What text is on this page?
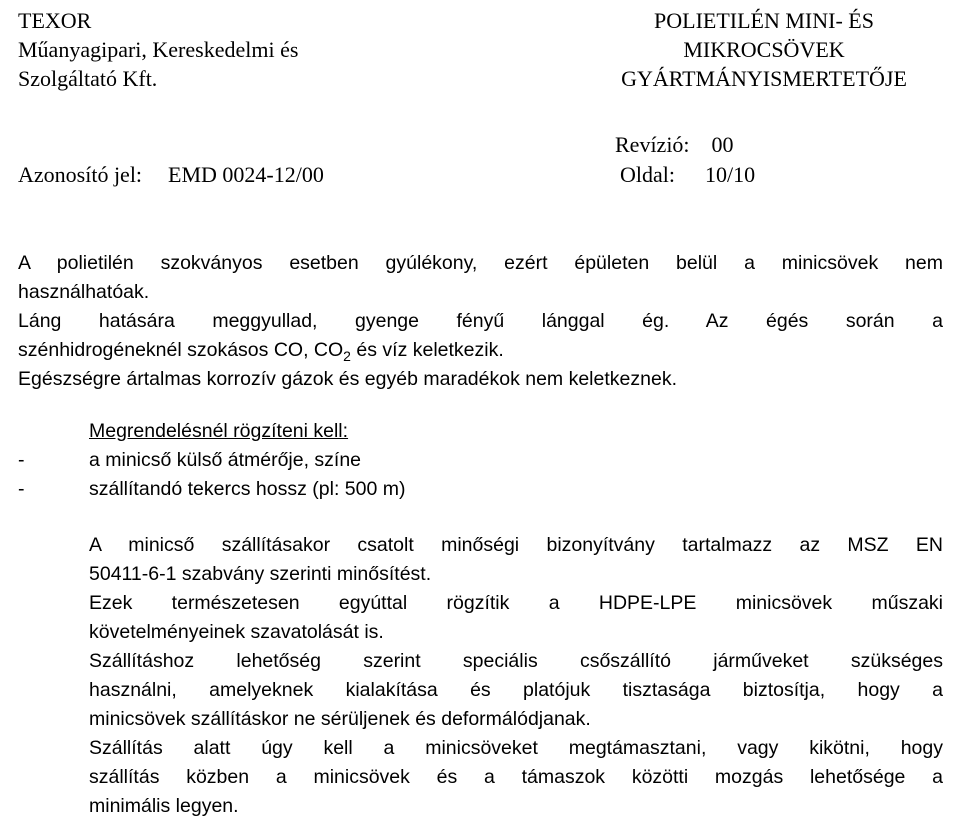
TEXOR
Műanyagipari, Kereskedelmi és
Szolgáltató Kft.
POLIETILÉN MINI- ÉS
MIKROCSÖVEK
GYÁRTMÁNYISMERTETŐJE
Revízió: 00
Azonosító jel: EMD 0024-12/00	Oldal: 10/10
A polietilén szokványos esetben gyúlékony, ezért épületen belül a minicsövek nem
használhatóak.
Láng hatására meggyullad, gyenge fényű lánggal ég. Az égés során a
szénhidrogéneknél szokásos CO, $CO_2$ és víz keletkezik.
Egészségre ártalmas korrozív gázok és egyéb maradékok nem keletkeznek.
Megrendelésnél rögzíteni kell:
-	a minicső külső átmérője, színe
-	szállítandó tekercs hossz (pl: 500 m)
A minicső szállításakor csatolt minőségi bizonyítvány tartalmazz az MSZ EN
50411-6-1 szabvány szerinti minősítést.
Ezek természetesen egyúttal rögzítik a HDPE-LPE minicsövek műszaki
követelményeinek szavatolását is.
Szállításhoz lehetőség szerint speciális csőszállító járműveket szükséges
használni, amelyeknek kialakítása és platójuk tisztasága biztosítja, hogy a
minicsövek szállításkor ne sérüljenek és deformálódjanak.
Szállítás alatt úgy kell a minicsöveket megtámasztani, vagy kikötni, hogy
szállítás közben a minicsövek és a támaszok közötti mozgás lehetősége a
minimális legyen.
